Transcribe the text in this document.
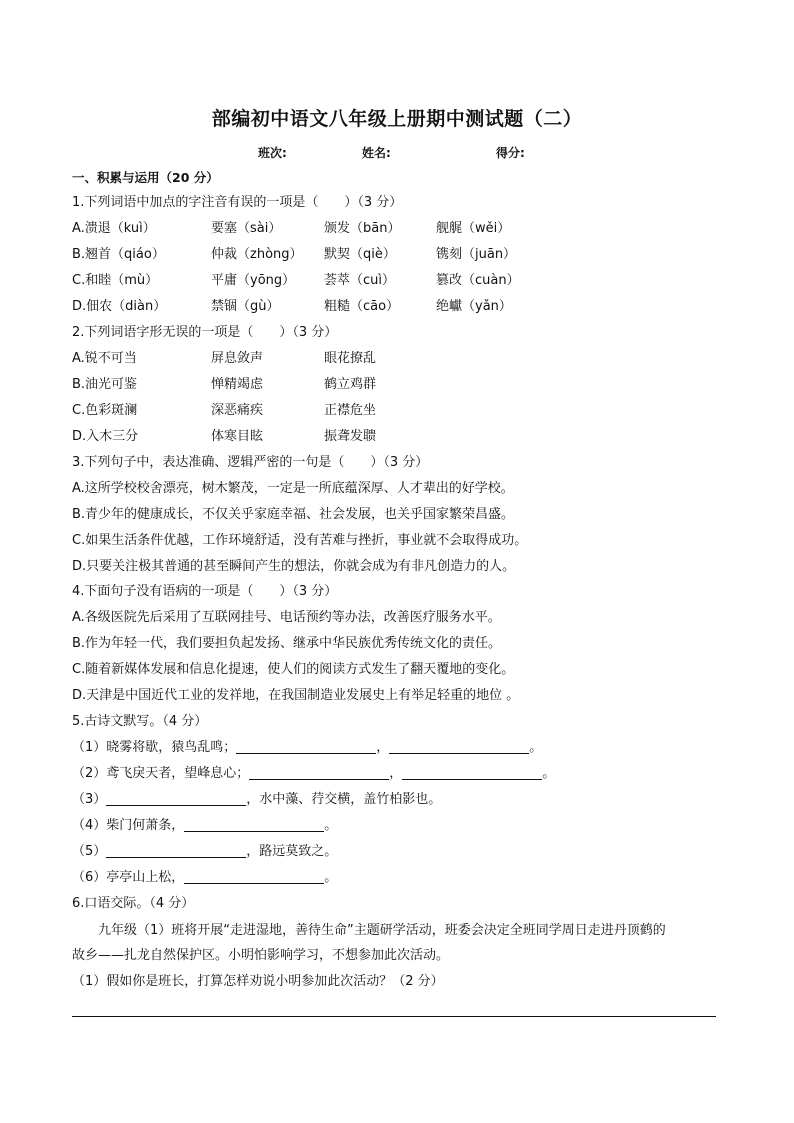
部编初中语文八年级上册期中测试题（二）
班次:	姓名:	得分:
一、积累与运用（20 分）
1.下列词语中加点的字注音有误的一项是（　　）（3 分）
A.溃退（kuì）	要塞（sài）	颁发（bān）	舰艉（wěi）
B.翘首（qiáo）	仲裁（zhòng） 默契（qiè）	镌刻（juān）
C.和睦（mù）	平庸（yōng） 荟萃（cuì）	篡改（cuàn）
D.佃农（diàn）	禁锢（gù）	粗糙（cāo）	绝巘（yǎn）
2.下列词语字形无误的一项是（　　）（3 分）
A.锐不可当	屏息敛声	眼花撩乱
B.油光可鉴	惮精竭虑	鹤立鸡群
C.色彩斑澜	深恶痛疾	正襟危坐
D.入木三分	体寒目眩	振聋发聩
3.下列句子中，表达准确、逻辑严密的一句是（　　）（3 分）
A.这所学校校舍漂亮，树木繁茂，一定是一所底蕴深厚、人才辈出的好学校。
B.青少年的健康成长，不仅关乎家庭幸福、社会发展，也关乎国家繁荣昌盛。
C.如果生活条件优越，工作环境舒适，没有苦难与挫折，事业就不会取得成功。
D.只要关注极其普通的甚至瞬间产生的想法，你就会成为有非凡创造力的人。
4.下面句子没有语病的一项是（　　）（3 分）
A.各级医院先后采用了互联网挂号、电话预约等办法，改善医疗服务水平。
B.作为年轻一代，我们要担负起发扬、继承中华民族优秀传统文化的责任。
C.随着新媒体发展和信息化提速，使人们的阅读方式发生了翻天覆地的变化。
D.天津是中国近代工业的发祥地，在我国制造业发展史上有举足轻重的地位 。
5.古诗文默写。（4 分）
（1）晓雾将歇，猿鸟乱鸣；	，	。
（2）鸢飞戾天者，望峰息心；	，	。
（3）	，水中藻、荇交横，盖竹柏影也。
（4）柴门何萧条，	。
（5）	，路远莫致之。
（6）亭亭山上松，	。
6.口语交际。（4 分）
九年级（1）班将开展“走进湿地，善待生命”主题研学活动，班委会决定全班同学周日走进丹顶鹤的
故乡——扎龙自然保护区。小明怕影响学习，不想参加此次活动。
（1）假如你是班长，打算怎样劝说小明参加此次活动？（2 分）
